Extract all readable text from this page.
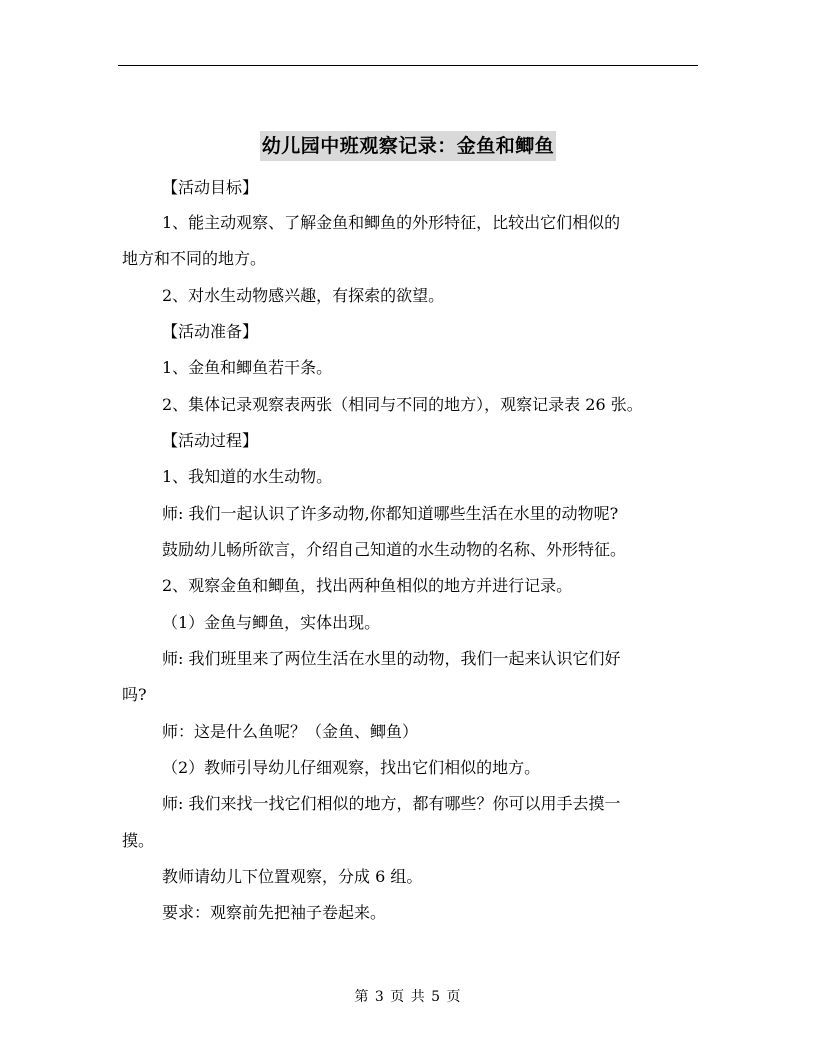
幼儿园中班观察记录：金鱼和鲫鱼
【活动目标】
1、能主动观察、了解金鱼和鲫鱼的外形特征，比较出它们相似的
地方和不同的地方。
2、对水生动物感兴趣，有探索的欲望。
【活动准备】
1、金鱼和鲫鱼若干条。
2、集体记录观察表两张（相同与不同的地方），观察记录表 26 张。
【活动过程】
1、我知道的水生动物。
师: 我们一起认识了许多动物,你都知道哪些生活在水里的动物呢?
鼓励幼儿畅所欲言，介绍自己知道的水生动物的名称、外形特征。
2、观察金鱼和鲫鱼，找出两种鱼相似的地方并进行记录。
（1）金鱼与鲫鱼，实体出现。
师: 我们班里来了两位生活在水里的动物，我们一起来认识它们好
吗?
师：这是什么鱼呢？（金鱼、鲫鱼）
（2）教师引导幼儿仔细观察，找出它们相似的地方。
师: 我们来找一找它们相似的地方，都有哪些？你可以用手去摸一
摸。
教师请幼儿下位置观察，分成 6 组。
要求：观察前先把袖子卷起来。
第 3 页 共 5 页
